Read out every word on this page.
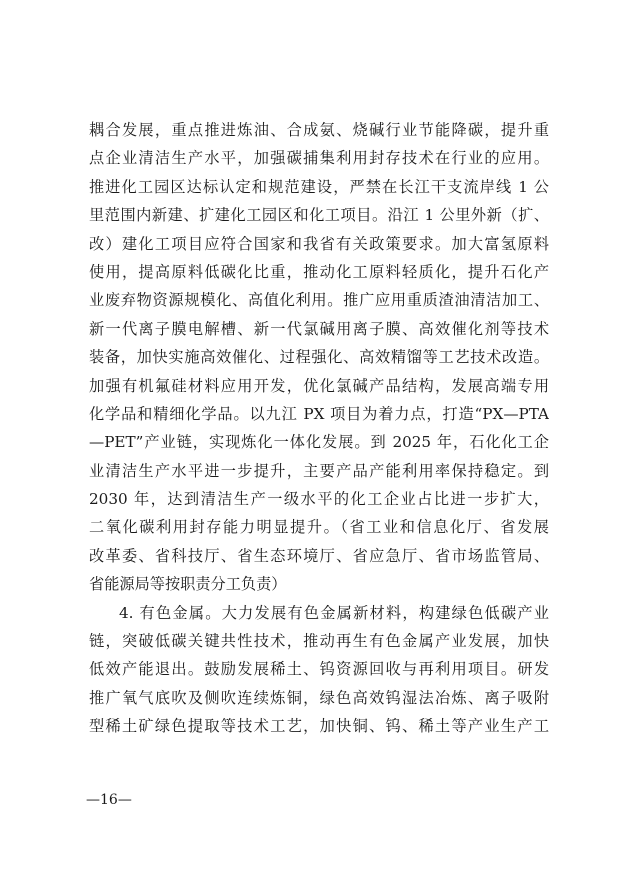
耦合发展，重点推进炼油、合成氨、烧碱行业节能降碳，提升重
点企业清洁生产水平，加强碳捕集利用封存技术在行业的应用。
推进化工园区达标认定和规范建设，严禁在长江干支流岸线 1 公
里范围内新建、扩建化工园区和化工项目。沿江 1 公里外新（扩、
改）建化工项目应符合国家和我省有关政策要求。加大富氢原料
使用，提高原料低碳化比重，推动化工原料轻质化，提升石化产
业废弃物资源规模化、高值化利用。推广应用重质渣油清洁加工、
新一代离子膜电解槽、新一代氯碱用离子膜、高效催化剂等技术
装备，加快实施高效催化、过程强化、高效精馏等工艺技术改造。
加强有机氟硅材料应用开发，优化氯碱产品结构，发展高端专用
化学品和精细化学品。以九江 PX 项目为着力点，打造“PX—PTA
—PET”产业链，实现炼化一体化发展。到 2025 年，石化化工企
业清洁生产水平进一步提升，主要产品产能利用率保持稳定。到
2030 年，达到清洁生产一级水平的化工企业占比进一步扩大，
二氧化碳利用封存能力明显提升。（省工业和信息化厅、省发展
改革委、省科技厅、省生态环境厅、省应急厅、省市场监管局、
省能源局等按职责分工负责）
4. 有色金属。大力发展有色金属新材料，构建绿色低碳产业
链，突破低碳关键共性技术，推动再生有色金属产业发展，加快
低效产能退出。鼓励发展稀土、钨资源回收与再利用项目。研发
推广氧气底吹及侧吹连续炼铜，绿色高效钨湿法冶炼、离子吸附
型稀土矿绿色提取等技术工艺，加快铜、钨、稀土等产业生产工
—16—
